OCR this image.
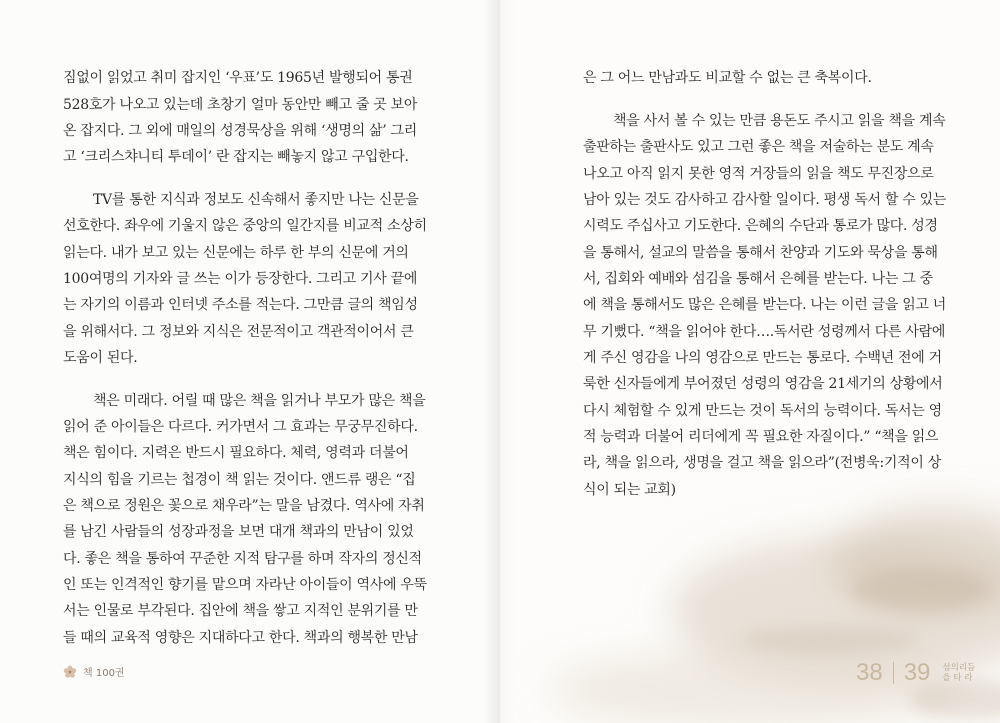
짐없이 읽었고 취미 잡지인 ‘우표’도 1965년 발행되어 통권
528호가 나오고 있는데 초창기 얼마 동안만 빼고 줄 곳 보아
온 잡지다. 그 외에 매일의 성경묵상을 위해 ‘생명의 삶’ 그리
고 ‘크리스챠니티 투데이’ 란 잡지는 빼놓지 않고 구입한다.
TV를 통한 지식과 정보도 신속해서 좋지만 나는 신문을
선호한다. 좌우에 기울지 않은 중앙의 일간지를 비교적 소상히
읽는다. 내가 보고 있는 신문에는 하루 한 부의 신문에 거의
100여명의 기자와 글 쓰는 이가 등장한다. 그리고 기사 끝에
는 자기의 이름과 인터넷 주소를 적는다. 그만큼 글의 책임성
을 위해서다. 그 정보와 지식은 전문적이고 객관적이어서 큰
도움이 된다.
책은 미래다. 어릴 때 많은 책을 읽거나 부모가 많은 책을
읽어 준 아이들은 다르다. 커가면서 그 효과는 무궁무진하다.
책은 힘이다. 지력은 반드시 필요하다. 체력, 영력과 더불어
지식의 힘을 기르는 첩경이 책 읽는 것이다. 앤드류 랭은 “집
은 책으로 정원은 꽃으로 채우라”는 말을 남겼다. 역사에 자취
를 남긴 사람들의 성장과정을 보면 대개 책과의 만남이 있었
다. 좋은 책을 통하여 꾸준한 지적 탐구를 하며 작자의 정신적
인 또는 인격적인 향기를 맡으며 자라난 아이들이 역사에 우뚝
서는 인물로 부각된다. 집안에 책을 쌓고 지적인 분위기를 만
들 때의 교육적 영향은 지대하다고 한다. 책과의 행복한 만남
책 100권
은 그 어느 만남과도 비교할 수 없는 큰 축복이다.
책을 사서 볼 수 있는 만큼 용돈도 주시고 읽을 책을 계속
출판하는 출판사도 있고 그런 좋은 책을 저술하는 분도 계속
나오고 아직 읽지 못한 영적 거장들의 읽을 책도 무진장으로
남아 있는 것도 감사하고 감사할 일이다. 평생 독서 할 수 있는
시력도 주십사고 기도한다. 은혜의 수단과 통로가 많다. 성경
을 통해서, 설교의 말씀을 통해서 찬양과 기도와 묵상을 통해
서, 집회와 예배와 섬김을 통해서 은혜를 받는다. 나는 그 중
에 책을 통해서도 많은 은혜를 받는다. 나는 이런 글을 읽고 너
무 기뻤다. “책을 읽어야 한다….독서란 성령께서 다른 사람에
게 주신 영감을 나의 영감으로 만드는 통로다. 수백년 전에 거
룩한 신자들에게 부어졌던 성령의 영감을 21세기의 상황에서
다시 체험할 수 있게 만드는 것이 독서의 능력이다. 독서는 영
적 능력과 더불어 리더에게 꼭 필요한 자질이다.” “책을 읽으
라, 책을 읽으라, 생명을 걸고 책을 읽으라”(전병욱:기적이 상
식이 되는 교회)
38 39 섬의리듬
을 타 라
